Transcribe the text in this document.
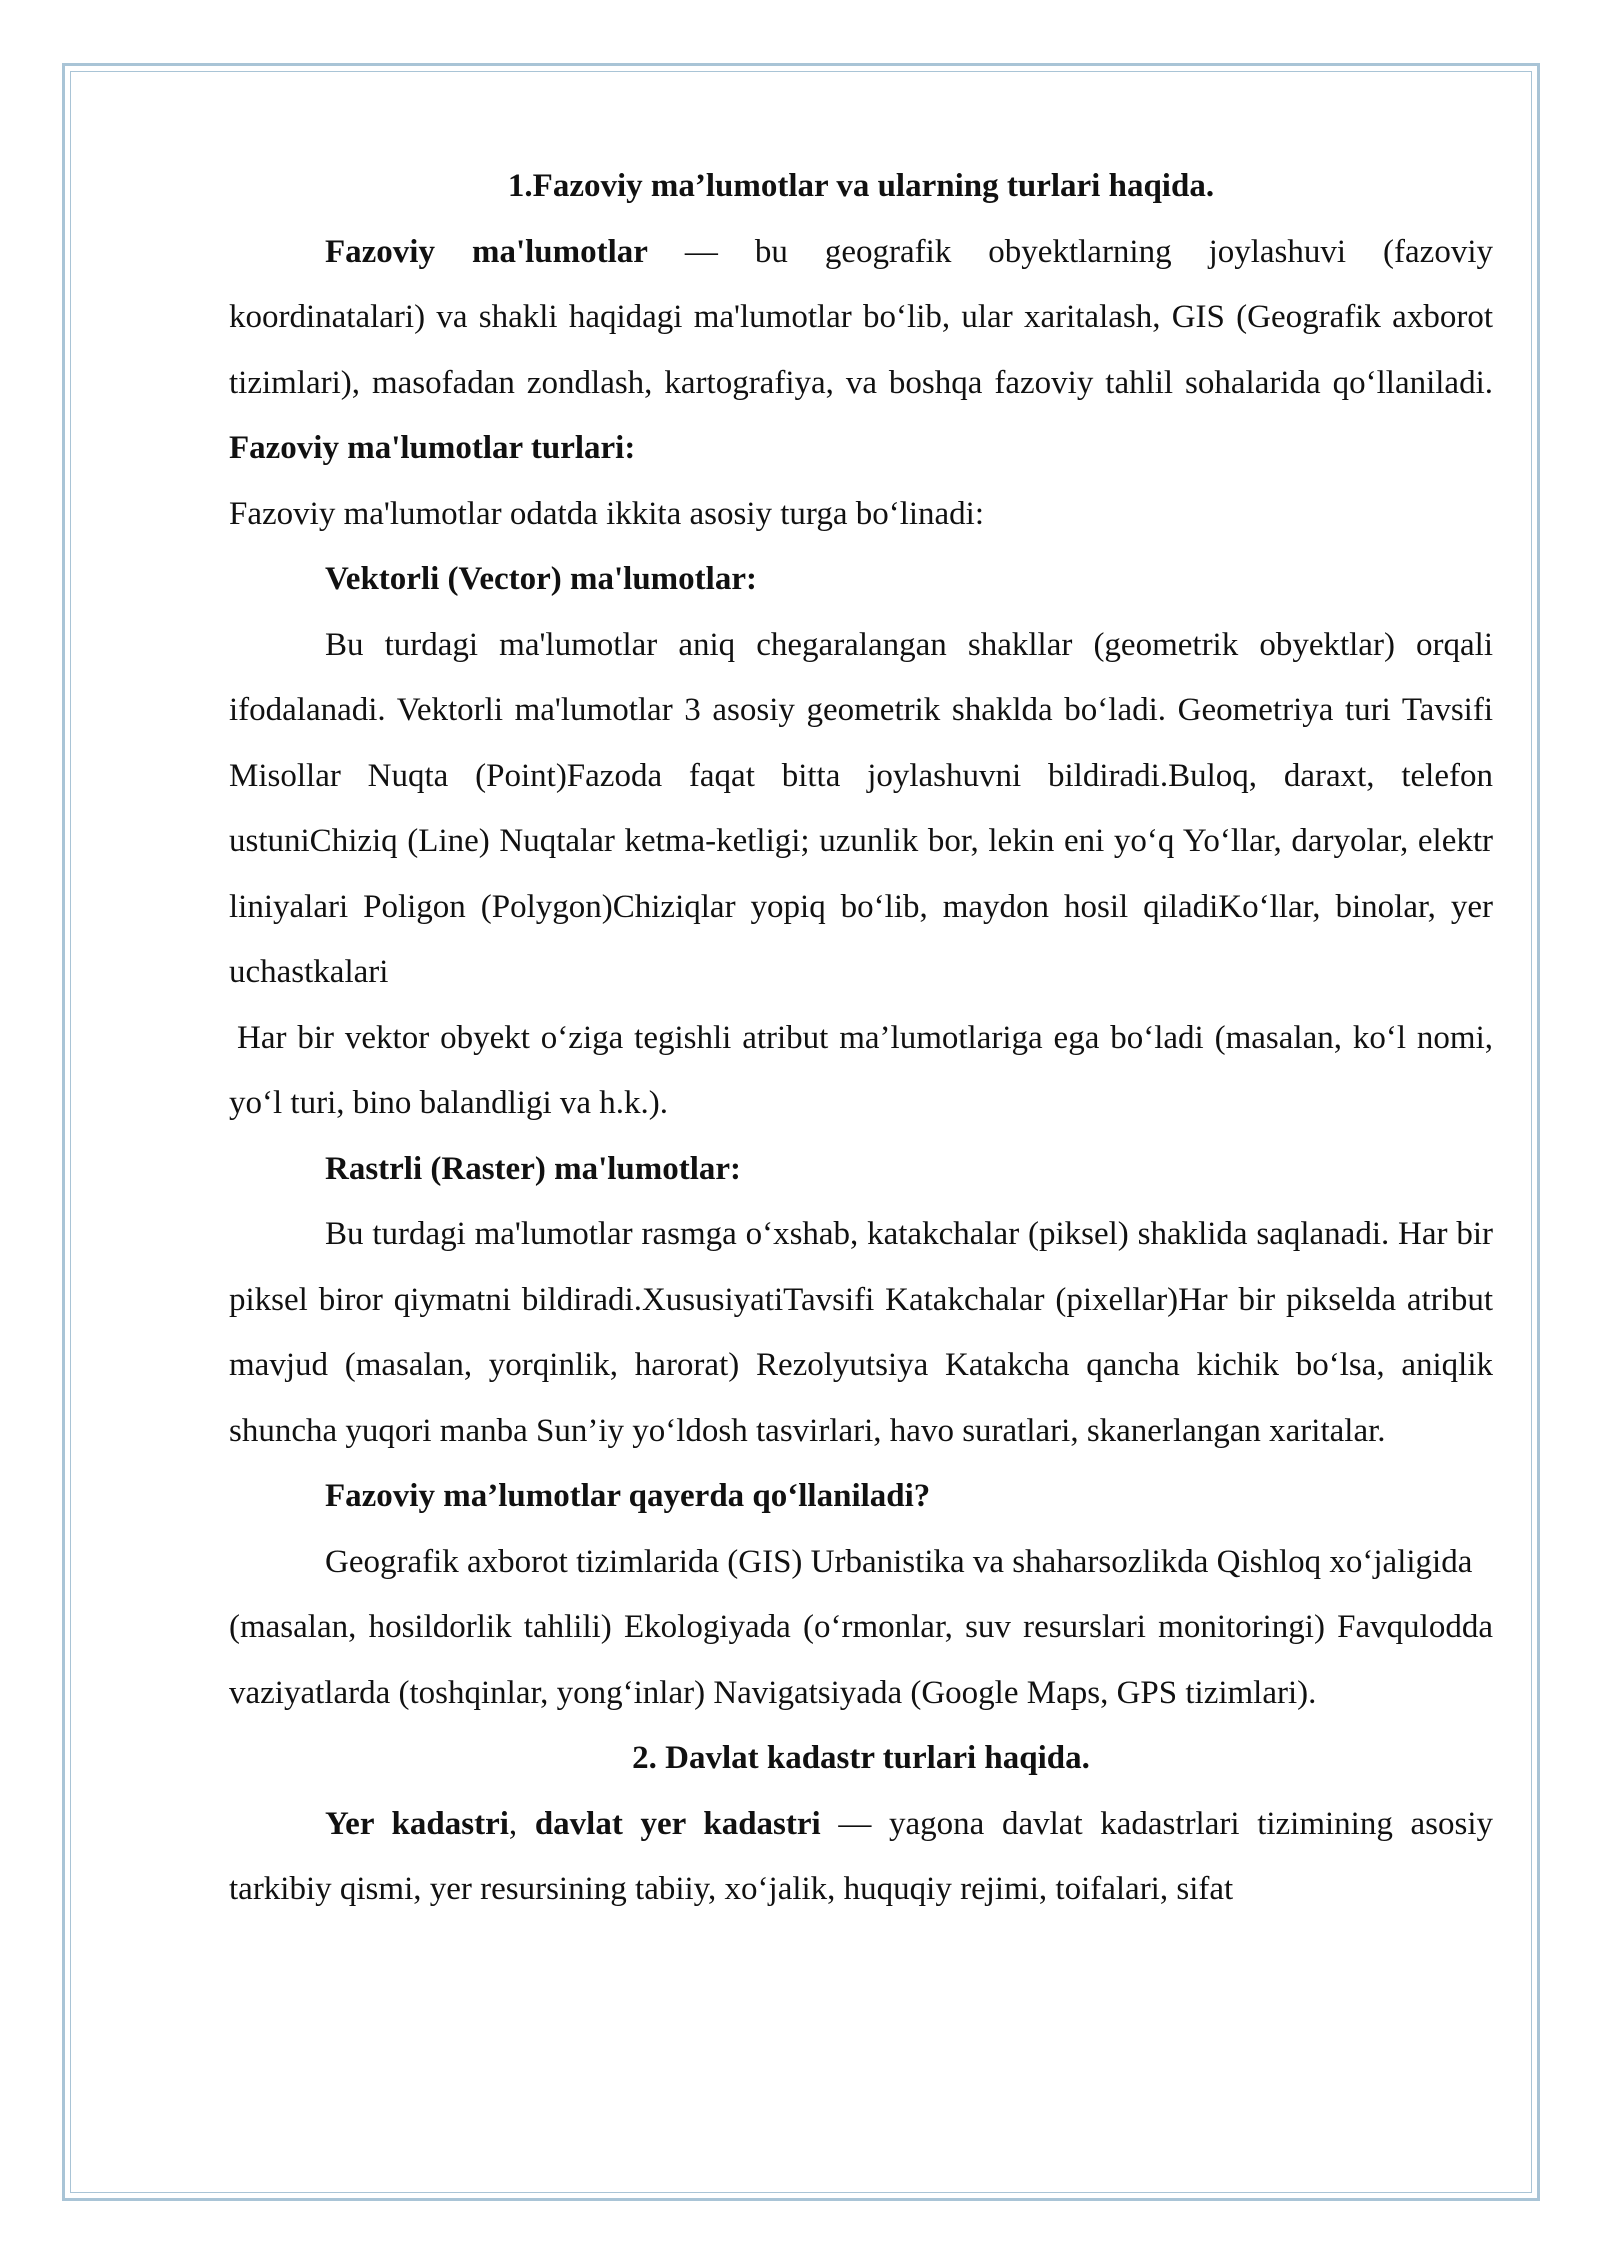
1.Fazoviy ma’lumotlar va ularning turlari haqida.

Fazoviy ma'lumotlar — bu geografik obyektlarning joylashuvi (fazoviy koordinatalari) va shakli haqidagi ma'lumotlar bo‘lib, ular xaritalash, GIS (Geografik axborot tizimlari), masofadan zondlash, kartografiya, va boshqa fazoviy tahlil sohalarida qo‘llaniladi. Fazoviy ma'lumotlar turlari:

Fazoviy ma'lumotlar odatda ikkita asosiy turga bo‘linadi:

Vektorli (Vector) ma'lumotlar:

Bu turdagi ma'lumotlar aniq chegaralangan shakllar (geometrik obyektlar) orqali ifodalanadi. Vektorli ma'lumotlar 3 asosiy geometrik shaklda bo‘ladi. Geometriya turi Tavsifi Misollar Nuqta (Point)Fazoda faqat bitta joylashuvni bildiradi.Buloq, daraxt, telefon ustuniChiziq (Line) Nuqtalar ketma-ketligi; uzunlik bor, lekin eni yo‘q Yo‘llar, daryolar, elektr liniyalari Poligon (Polygon)Chiziqlar yopiq bo‘lib, maydon hosil qiladiKo‘llar, binolar, yer uchastkalari

Har bir vektor obyekt o‘ziga tegishli atribut ma’lumotlariga ega bo‘ladi (masalan, ko‘l nomi, yo‘l turi, bino balandligi va h.k.).

Rastrli (Raster) ma'lumotlar:

Bu turdagi ma'lumotlar rasmga o‘xshab, katakchalar (piksel) shaklida saqlanadi. Har bir piksel biror qiymatni bildiradi.XususiyatiTavsifi Katakchalar (pixellar)Har bir pikselda atribut mavjud (masalan, yorqinlik, harorat) Rezolyutsiya Katakcha qancha kichik bo‘lsa, aniqlik shuncha yuqori manba Sun’iy yo‘ldosh tasvirlari, havo suratlari, skanerlangan xaritalar.

Fazoviy ma’lumotlar qayerda qo‘llaniladi?

Geografik axborot tizimlarida (GIS) Urbanistika va shaharsozlikda Qishloq xo‘jaligida

(masalan, hosildorlik tahlili) Ekologiyada (o‘rmonlar, suv resurslari monitoringi) Favqulodda vaziyatlarda (toshqinlar, yong‘inlar) Navigatsiyada (Google Maps, GPS tizimlari).

2. Davlat kadastr turlari haqida.

Yer kadastri, davlat yer kadastri — yagona davlat kadastrlari tizimining asosiy tarkibiy qismi, yer resursining tabiiy, xo‘jalik, huquqiy rejimi, toifalari, sifat
